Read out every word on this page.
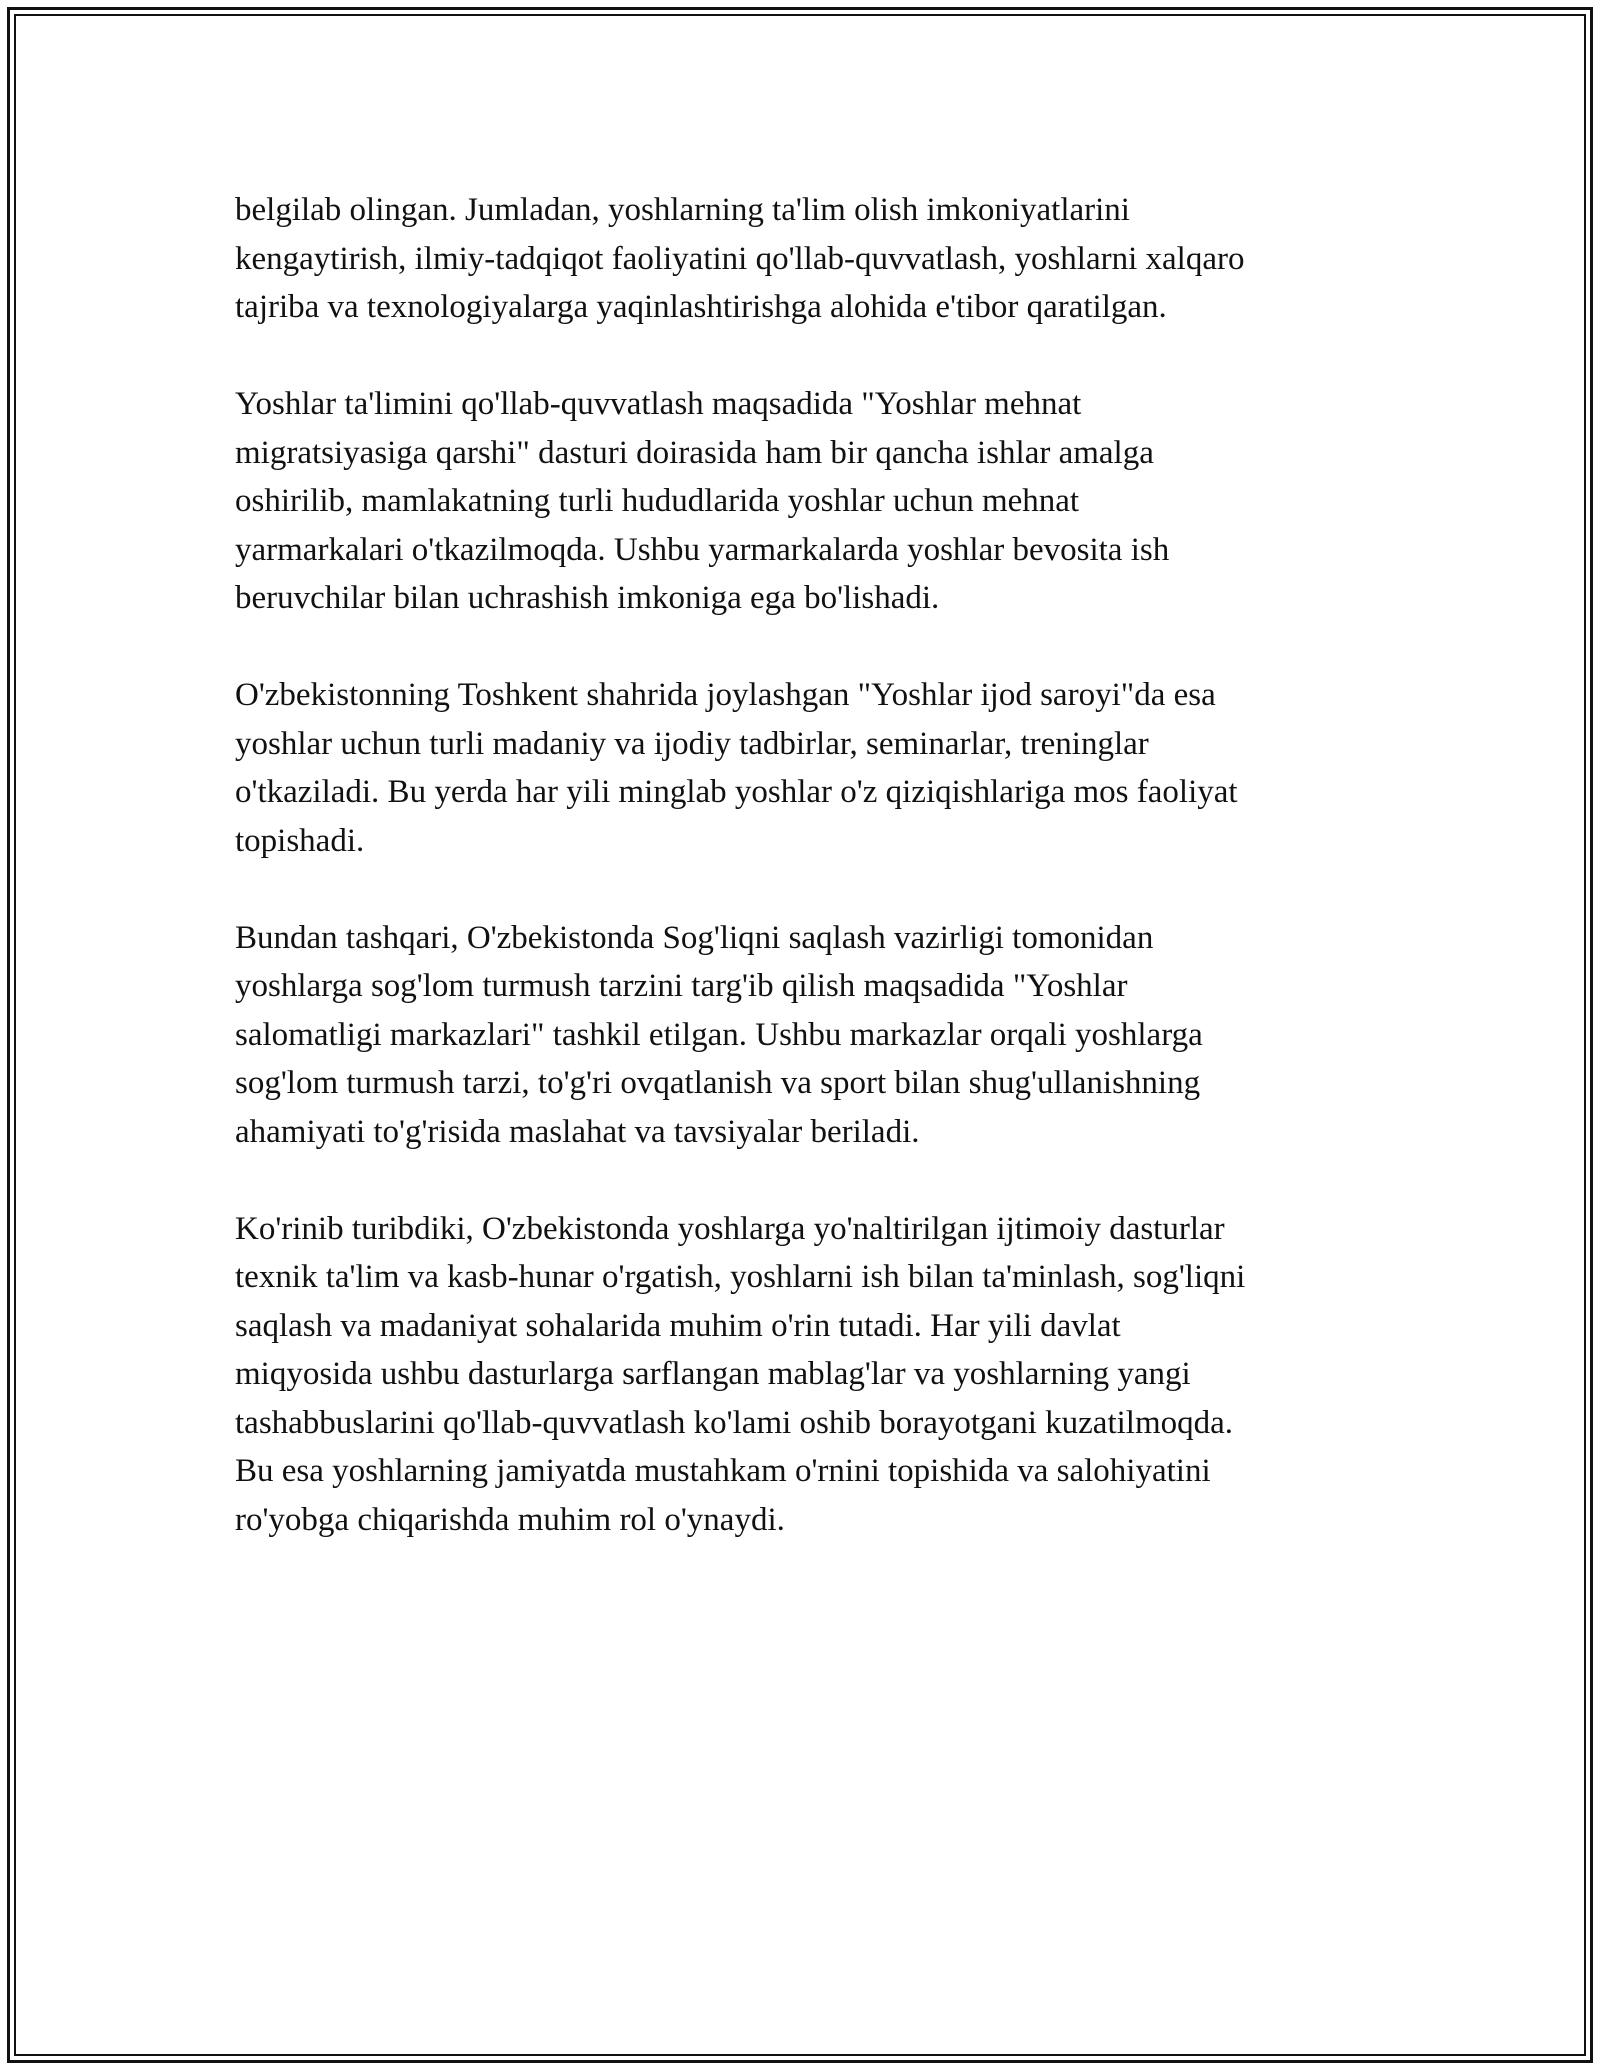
belgilab olingan. Jumladan, yoshlarning ta'lim olish imkoniyatlarini
kengaytirish, ilmiy-tadqiqot faoliyatini qo'llab-quvvatlash, yoshlarni xalqaro
tajriba va texnologiyalarga yaqinlashtirishga alohida e'tibor qaratilgan.

Yoshlar ta'limini qo'llab-quvvatlash maqsadida "Yoshlar mehnat
migratsiyasiga qarshi" dasturi doirasida ham bir qancha ishlar amalga
oshirilib, mamlakatning turli hududlarida yoshlar uchun mehnat
yarmarkalari o'tkazilmoqda. Ushbu yarmarkalarda yoshlar bevosita ish
beruvchilar bilan uchrashish imkoniga ega bo'lishadi.

O'zbekistonning Toshkent shahrida joylashgan "Yoshlar ijod saroyi"da esa
yoshlar uchun turli madaniy va ijodiy tadbirlar, seminarlar, treninglar
o'tkaziladi. Bu yerda har yili minglab yoshlar o'z qiziqishlariga mos faoliyat
topishadi.

Bundan tashqari, O'zbekistonda Sog'liqni saqlash vazirligi tomonidan
yoshlarga sog'lom turmush tarzini targ'ib qilish maqsadida "Yoshlar
salomatligi markazlari" tashkil etilgan. Ushbu markazlar orqali yoshlarga
sog'lom turmush tarzi, to'g'ri ovqatlanish va sport bilan shug'ullanishning
ahamiyati to'g'risida maslahat va tavsiyalar beriladi.

Ko'rinib turibdiki, O'zbekistonda yoshlarga yo'naltirilgan ijtimoiy dasturlar
texnik ta'lim va kasb-hunar o'rgatish, yoshlarni ish bilan ta'minlash, sog'liqni
saqlash va madaniyat sohalarida muhim o'rin tutadi. Har yili davlat
miqyosida ushbu dasturlarga sarflangan mablag'lar va yoshlarning yangi
tashabbuslarini qo'llab-quvvatlash ko'lami oshib borayotgani kuzatilmoqda.
Bu esa yoshlarning jamiyatda mustahkam o'rnini topishida va salohiyatini
ro'yobga chiqarishda muhim rol o'ynaydi.
